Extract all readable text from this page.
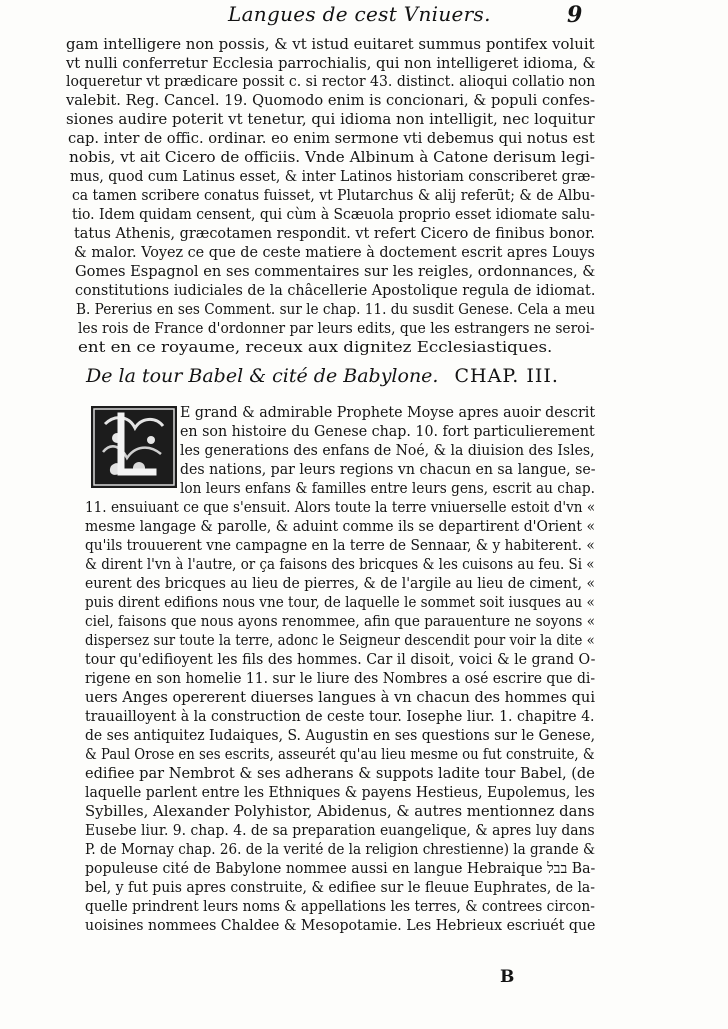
Langues de cest Vniuers.	9
gam intelligere non possis, & vt istud euitaret summus pontifex voluit
vt nulli conferretur Ecclesia parrochialis, qui non intelligeret idioma, &
loqueretur vt prædicare possit c. si rector 43. distinct. alioqui collatio non
valebit. Reg. Cancel. 19. Quomodo enim is concionari, & populi confes-
siones audire poterit vt tenetur, qui idioma non intelligit, nec loquitur
cap. inter de offic. ordinar. eo enim sermone vti debemus qui notus est
nobis, vt ait Cicero de officiis. Vnde Albinum à Catone derisum legi-
mus, quod cum Latinus esset, & inter Latinos historiam conscriberet græ-
ca tamen scribere conatus fuisset, vt Plutarchus & alij referūt; & de Albu-
tio. Idem quidam censent, qui cùm à Scæuola proprio esset idiomate salu-
tatus Athenis, græcotamen respondit. vt refert Cicero de finibus bonor.
& malor. Voyez ce que de ceste matiere à doctement escrit apres Louys
Gomes Espagnol en ses commentaires sur les reigles, ordonnances, &
constitutions iudiciales de la châcellerie Apostolique regula de idiomat.
B. Pererius en ses Comment. sur le chap. 11. du susdit Genese. Cela a meu
les rois de France d'ordonner par leurs edits, que les estrangers ne seroi-
ent en ce royaume, receux aux dignitez Ecclesiastiques.
De la tour Babel & cité de Babylone. CHAP. III.
E grand & admirable Prophete Moyse apres auoir descrit
en son histoire du Genese chap. 10. fort particulierement
les generations des enfans de Noé, & la diuision des Isles,
des nations, par leurs regions vn chacun en sa langue, se-
lon leurs enfans & familles entre leurs gens, escrit au chap.
11. ensuiuant ce que s'ensuit. Alors toute la terre vniuerselle estoit d'vn «
mesme langage & parolle, & aduint comme ils se departirent d'Orient «
qu'ils trouuerent vne campagne en la terre de Sennaar, & y habiterent. «
& dirent l'vn à l'autre, or ça faisons des bricques & les cuisons au feu. Si «
eurent des bricques au lieu de pierres, & de l'argile au lieu de ciment, «
puis dirent edifions nous vne tour, de laquelle le sommet soit iusques au «
ciel, faisons que nous ayons renommee, afin que parauenture ne soyons «
dispersez sur toute la terre, adonc le Seigneur descendit pour voir la dite «
tour qu'edifioyent les fils des hommes. Car il disoit, voici & le grand O-
rigene en son homelie 11. sur le liure des Nombres a osé escrire que di-
uers Anges opererent diuerses langues à vn chacun des hommes qui
trauailloyent à la construction de ceste tour. Iosephe liur. 1. chapitre 4.
de ses antiquitez Iudaiques, S. Augustin en ses questions sur le Genese,
& Paul Orose en ses escrits, asseurét qu'au lieu mesme ou fut construite, &
edifiee par Nembrot & ses adherans & suppots ladite tour Babel, (de
laquelle parlent entre les Ethniques & payens Hestieus, Eupolemus, les
Sybilles, Alexander Polyhistor, Abidenus, & autres mentionnez dans
Eusebe liur. 9. chap. 4. de sa preparation euangelique, & apres luy dans
P. de Mornay chap. 26. de la verité de la religion chrestienne) la grande &
populeuse cité de Babylone nommee aussi en langue Hebraique בבל Ba-
bel, y fut puis apres construite, & edifiee sur le fleuue Euphrates, de la-
quelle prindrent leurs noms & appellations les terres, & contrees circon-
uoisines nommees Chaldee & Mesopotamie. Les Hebrieux escriuét que
B
